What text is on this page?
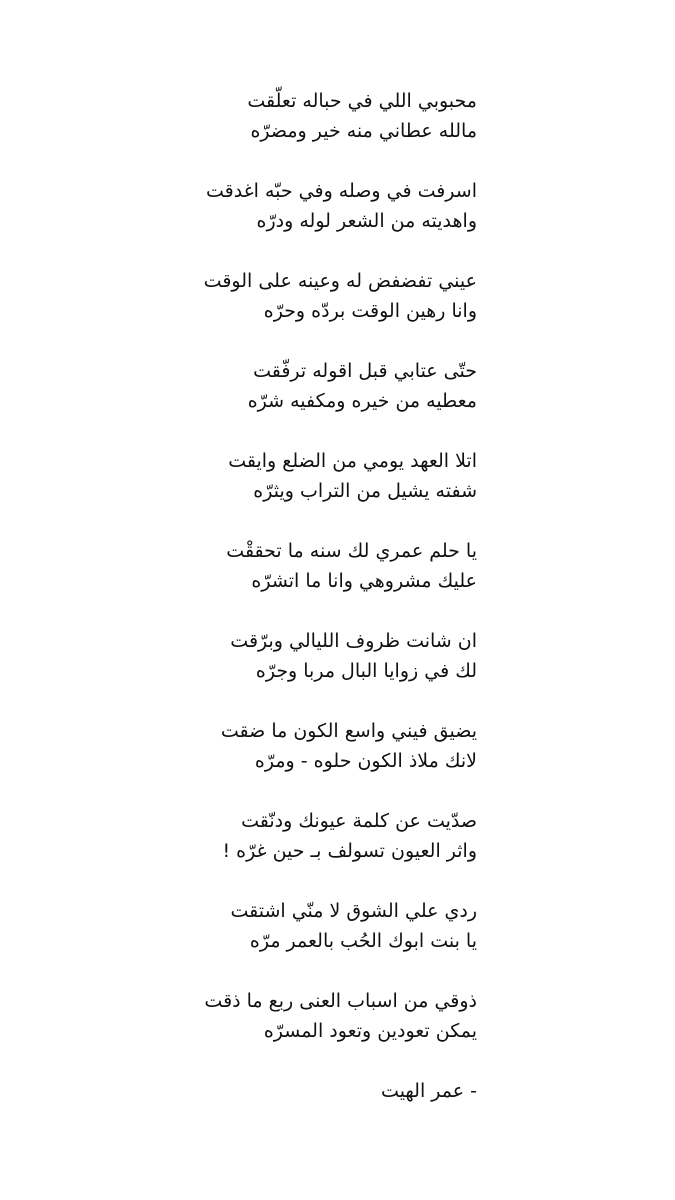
محبوبي اللي في حباله تعلّقت
مالله عطاني منه خير ومضرّه
اسرفت في وصله وفي حبّه اغدقت
واهديته من الشعر لوله ودرّه
عيني تفضفض له وعينه على الوقت
وانا رهين الوقت بردّه وحرّه
حتّى عتابي قبل اقوله ترفّقت
معطيه من خيره ومكفيه شرّه
اتلا العهد يومي من الضلع وايقت
شفته يشيل من التراب ويثرّه
يا حلم عمري لك سنه ما تحققْت
عليك مشروهي وانا ما اتشرّه
ان شانت ظروف الليالي وبرّقت
لك في زوايا البال مربا وجرّه
يضيق فيني واسع الكون ما ضقت
لانك ملاذ الكون حلوه - ومرّه
صدّيت عن كلمة عيونك ودنّقت
واثر العيون تسولف بـ حين غرّه !
ردي علي الشوق لا منّي اشتقت
يا بنت ابوك الحُب بالعمر مرّه
ذوقي من اسباب العنى ربع ما ذقت
يمكن تعودين وتعود المسرّه
- عمر الهيت
